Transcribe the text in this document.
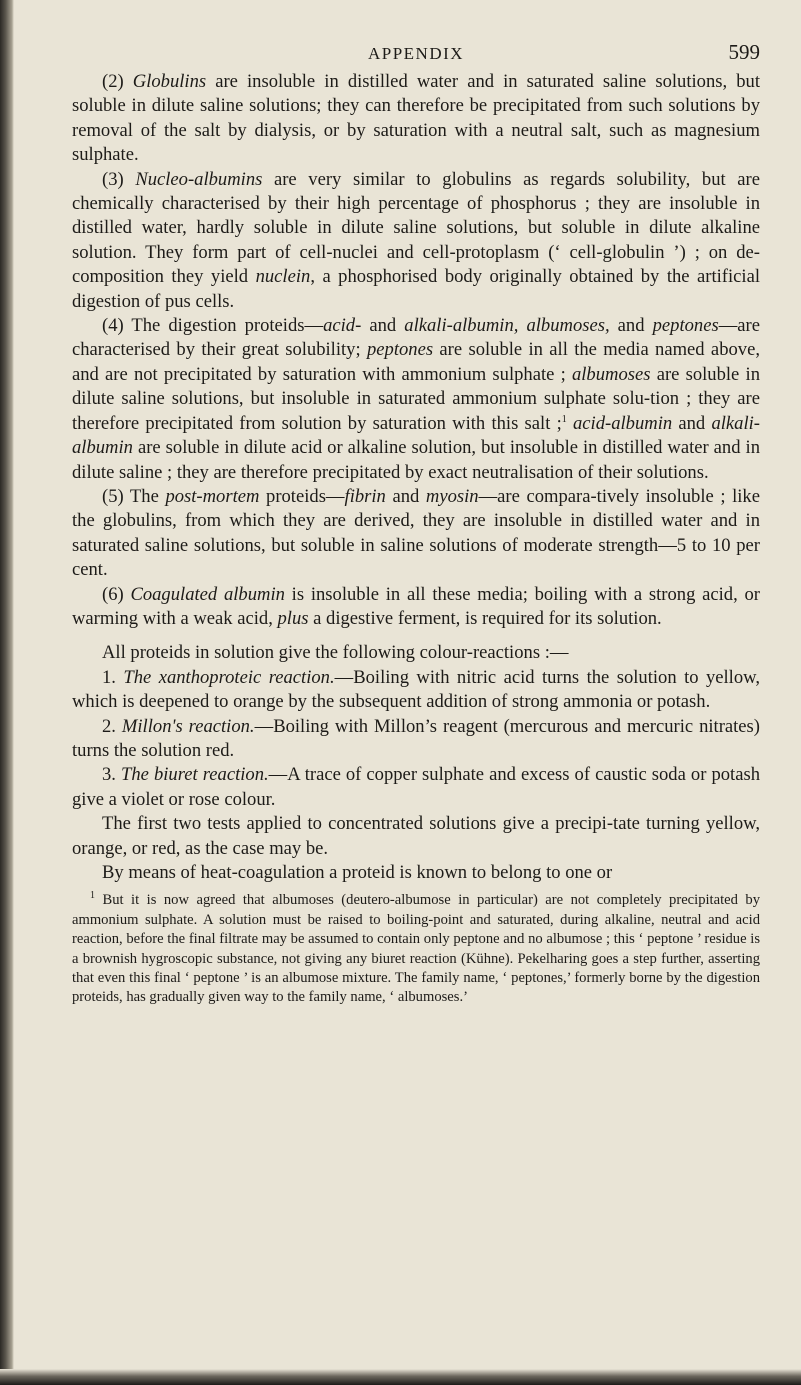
APPENDIX	599

(2) Globulins are insoluble in distilled water and in saturated saline solutions, but soluble in dilute saline solutions; they can therefore be precipitated from such solutions by removal of the salt by dialysis, or by saturation with a neutral salt, such as magnesium sulphate.

(3) Nucleo-albumins are very similar to globulins as regards solubility, but are chemically characterised by their high percentage of phosphorus ; they are insoluble in distilled water, hardly soluble in dilute saline solutions, but soluble in dilute alkaline solution. They form part of cell-nuclei and cell-protoplasm (‘ cell-globulin ’) ; on de-composition they yield nuclein, a phosphorised body originally obtained by the artificial digestion of pus cells.

(4) The digestion proteids—acid- and alkali-albumin, albumoses, and peptones—are characterised by their great solubility; peptones are soluble in all the media named above, and are not precipitated by saturation with ammonium sulphate ; albumoses are soluble in dilute saline solutions, but insoluble in saturated ammonium sulphate solu-tion ; they are therefore precipitated from solution by saturation with this salt ;$^1$ acid-albumin and alkali-albumin are soluble in dilute acid or alkaline solution, but insoluble in distilled water and in dilute saline ; they are therefore precipitated by exact neutralisation of their solutions.

(5) The post-mortem proteids—fibrin and myosin—are compara-tively insoluble ; like the globulins, from which they are derived, they are insoluble in distilled water and in saturated saline solutions, but soluble in saline solutions of moderate strength—5 to 10 per cent.

(6) Coagulated albumin is insoluble in all these media; boiling with a strong acid, or warming with a weak acid, plus a digestive ferment, is required for its solution.

All proteids in solution give the following colour-reactions :—

1. The xanthoproteic reaction.—Boiling with nitric acid turns the solution to yellow, which is deepened to orange by the subsequent addition of strong ammonia or potash.

2. Millon's reaction.—Boiling with Millon’s reagent (mercurous and mercuric nitrates) turns the solution red.

3. The biuret reaction.—A trace of copper sulphate and excess of caustic soda or potash give a violet or rose colour.

The first two tests applied to concentrated solutions give a precipi-tate turning yellow, orange, or red, as the case may be.

By means of heat-coagulation a proteid is known to belong to one or

$^1$ But it is now agreed that albumoses (deutero-albumose in particular) are not completely precipitated by ammonium sulphate. A solution must be raised to boiling-point and saturated, during alkaline, neutral and acid reaction, before the final filtrate may be assumed to contain only peptone and no albumose ; this ‘ peptone ’ residue is a brownish hygroscopic substance, not giving any biuret reaction (Kühne). Pekelharing goes a step further, asserting that even this final ‘ peptone ’ is an albumose mixture. The family name, ‘ peptones,’ formerly borne by the digestion proteids, has gradually given way to the family name, ‘ albumoses.’
